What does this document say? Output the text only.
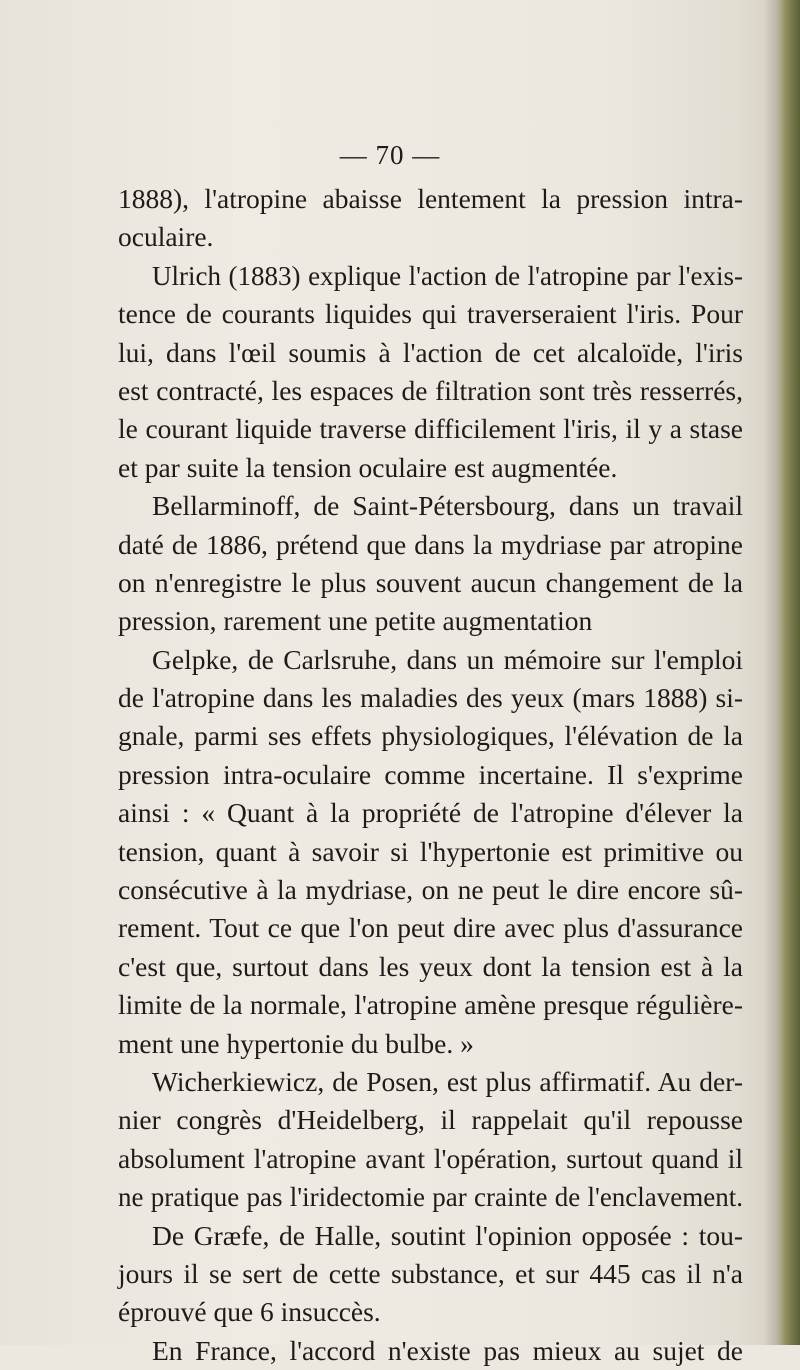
— 70 —
1888), l'atropine abaisse lentement la pression intra-
oculaire.
Ulrich (1883) explique l'action de l'atropine par l'exis-
tence de courants liquides qui traverseraient l'iris. Pour
lui, dans l'œil soumis à l'action de cet alcaloïde, l'iris
est contracté, les espaces de filtration sont très resserrés,
le courant liquide traverse difficilement l'iris, il y a stase
et par suite la tension oculaire est augmentée.
Bellarminoff, de Saint-Pétersbourg, dans un travail
daté de 1886, prétend que dans la mydriase par atropine
on n'enregistre le plus souvent aucun changement de la
pression, rarement une petite augmentation
Gelpke, de Carlsruhe, dans un mémoire sur l'emploi
de l'atropine dans les maladies des yeux (mars 1888) si-
gnale, parmi ses effets physiologiques, l'élévation de la
pression intra-oculaire comme incertaine. Il s'exprime
ainsi : « Quant à la propriété de l'atropine d'élever la
tension, quant à savoir si l'hypertonie est primitive ou
consécutive à la mydriase, on ne peut le dire encore sû-
rement. Tout ce que l'on peut dire avec plus d'assurance
c'est que, surtout dans les yeux dont la tension est à la
limite de la normale, l'atropine amène presque régulière-
ment une hypertonie du bulbe. »
Wicherkiewicz, de Posen, est plus affirmatif. Au der-
nier congrès d'Heidelberg, il rappelait qu'il repousse
absolument l'atropine avant l'opération, surtout quand il
ne pratique pas l'iridectomie par crainte de l'enclavement.
De Græfe, de Halle, soutint l'opinion opposée : tou-
jours il se sert de cette substance, et sur 445 cas il n'a
éprouvé que 6 insuccès.
En France, l'accord n'existe pas mieux au sujet de
